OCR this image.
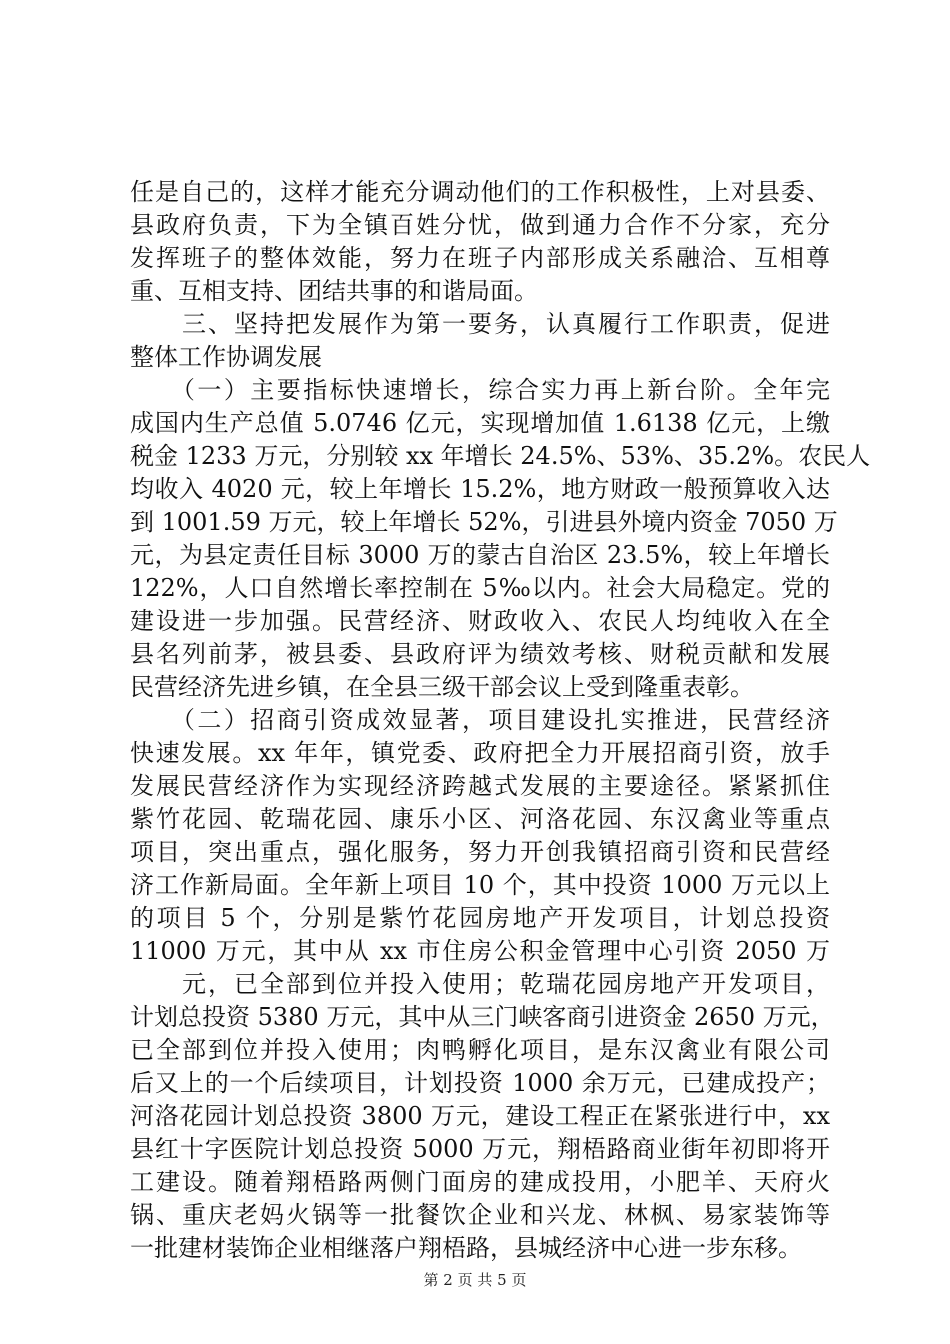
任是自己的，这样才能充分调动他们的工作积极性，上对县委、
县政府负责，下为全镇百姓分忧，做到通力合作不分家，充分
发挥班子的整体效能，努力在班子内部形成关系融洽、互相尊
重、互相支持、团结共事的和谐局面。
　　三、坚持把发展作为第一要务，认真履行工作职责，促进
整体工作协调发展
　　（一）主要指标快速增长，综合实力再上新台阶。全年完
成国内生产总值 5.0746 亿元，实现增加值 1.6138 亿元，上缴
税金 1233 万元，分别较 xx 年增长 24.5%、53%、35.2%。农民人
均收入 4020 元，较上年增长 15.2%，地方财政一般预算收入达
到 1001.59 万元，较上年增长 52%，引进县外境内资金 7050 万
元，为县定责任目标 3000 万的蒙古自治区 23.5%，较上年增长
122%，人口自然增长率控制在 5‰以内。社会大局稳定。党的
建设进一步加强。民营经济、财政收入、农民人均纯收入在全
县名列前茅，被县委、县政府评为绩效考核、财税贡献和发展
民营经济先进乡镇，在全县三级干部会议上受到隆重表彰。
　　（二）招商引资成效显著，项目建设扎实推进，民营经济
快速发展。xx 年年，镇党委、政府把全力开展招商引资，放手
发展民营经济作为实现经济跨越式发展的主要途径。紧紧抓住
紫竹花园、乾瑞花园、康乐小区、河洛花园、东汉禽业等重点
项目，突出重点，强化服务，努力开创我镇招商引资和民营经
济工作新局面。全年新上项目 10 个，其中投资 1000 万元以上
的项目 5 个，分别是紫竹花园房地产开发项目，计划总投资
11000 万元，其中从 xx 市住房公积金管理中心引资 2050 万
　　元，已全部到位并投入使用；乾瑞花园房地产开发项目，
计划总投资 5380 万元，其中从三门峡客商引进资金 2650 万元，
已全部到位并投入使用；肉鸭孵化项目，是东汉禽业有限公司
后又上的一个后续项目，计划投资 1000 余万元，已建成投产；
河洛花园计划总投资 3800 万元，建设工程正在紧张进行中，xx
县红十字医院计划总投资 5000 万元，翔梧路商业街年初即将开
工建设。随着翔梧路两侧门面房的建成投用，小肥羊、天府火
锅、重庆老妈火锅等一批餐饮企业和兴龙、林枫、易家装饰等
一批建材装饰企业相继落户翔梧路，县城经济中心进一步东移。
第 2 页 共 5 页
